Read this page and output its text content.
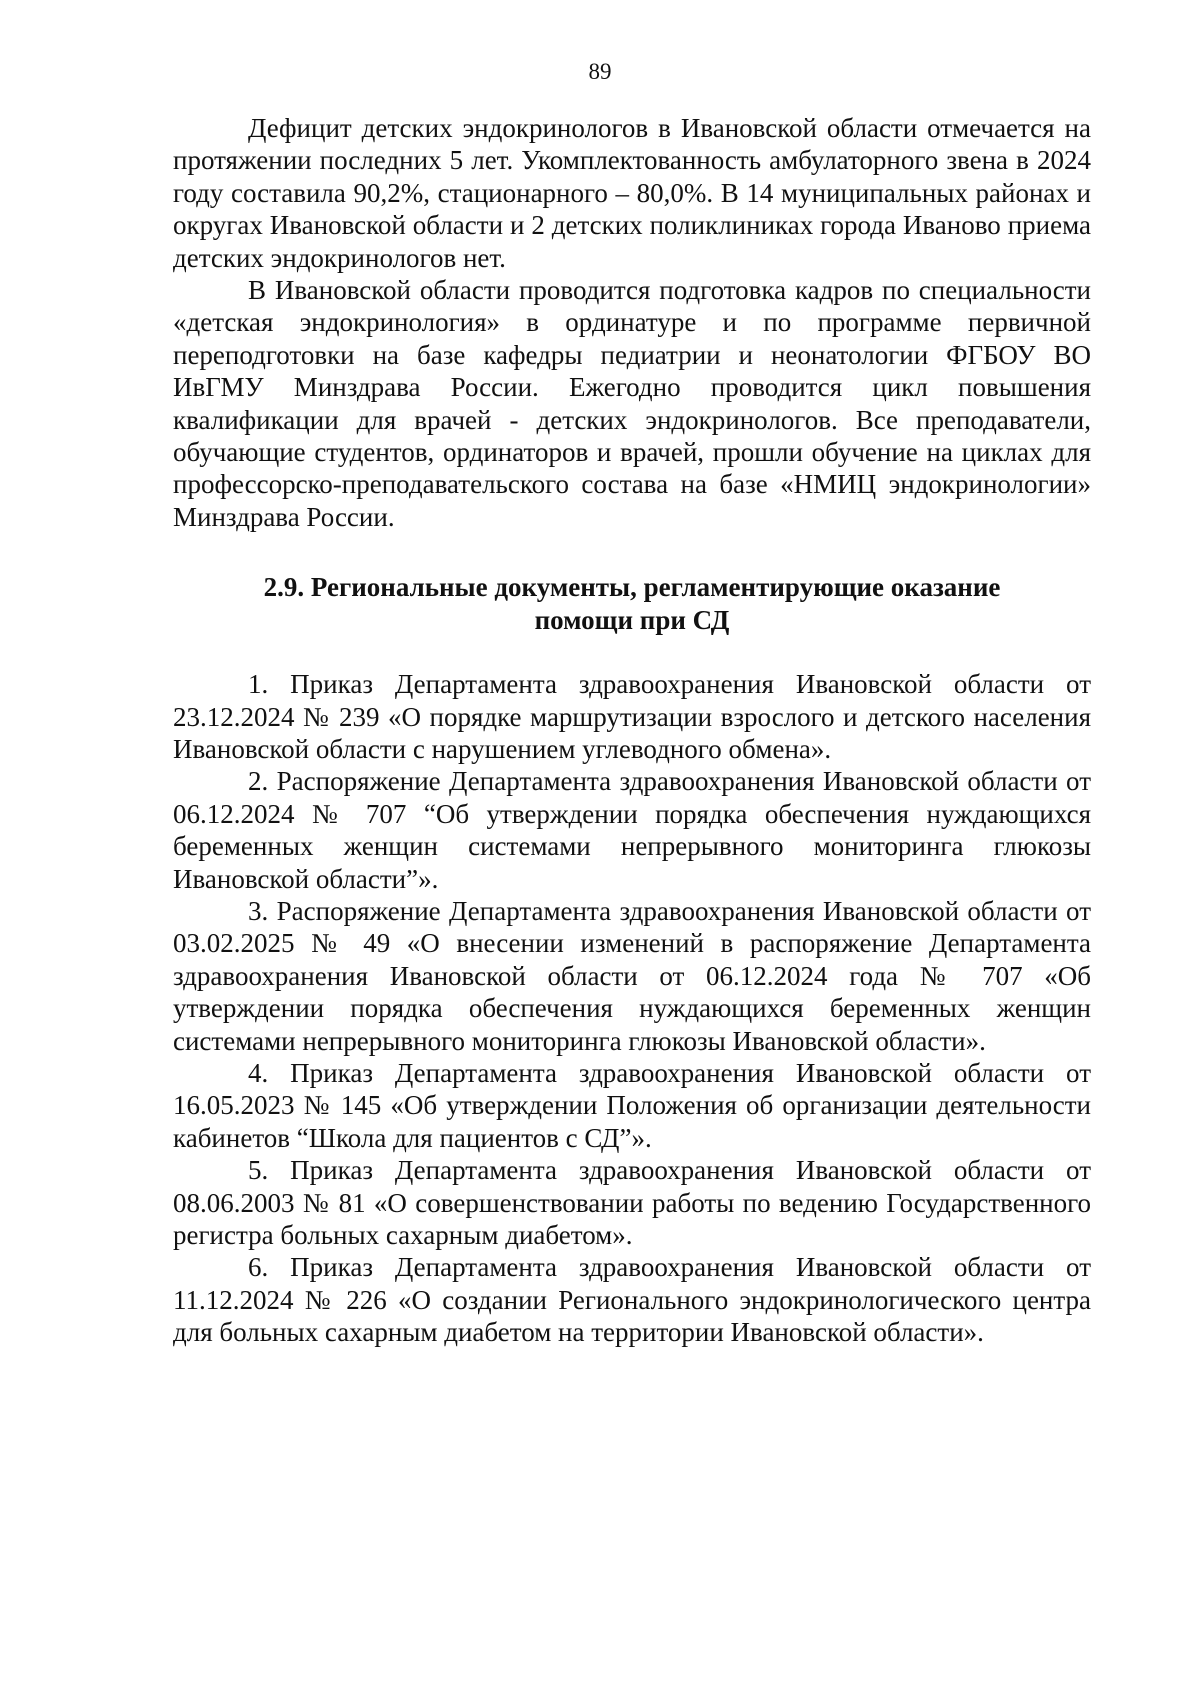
89

Дефицит детских эндокринологов в Ивановской области отмечается на протяжении последних 5 лет. Укомплектованность амбулаторного звена в 2024 году составила 90,2%, стационарного – 80,0%. В 14 муниципальных районах и округах Ивановской области и 2 детских поликлиниках города Иваново приема детских эндокринологов нет.

В Ивановской области проводится подготовка кадров по специальности «детская эндокринология» в ординатуре и по программе первичной переподготовки на базе кафедры педиатрии и неонатологии ФГБОУ ВО ИвГМУ Минздрава России. Ежегодно проводится цикл повышения квалификации для врачей - детских эндокринологов. Все преподаватели, обучающие студентов, ординаторов и врачей, прошли обучение на циклах для профессорско-преподавательского состава на базе «НМИЦ эндокринологии» Минздрава России.

2.9. Региональные документы, регламентирующие оказание
помощи при СД

1. Приказ Департамента здравоохранения Ивановской области от 23.12.2024 № 239 «О порядке маршрутизации взрослого и детского населения Ивановской области с нарушением углеводного обмена».

2. Распоряжение Департамента здравоохранения Ивановской области от 06.12.2024 № 707 “Об утверждении порядка обеспечения нуждающихся беременных женщин системами непрерывного мониторинга глюкозы Ивановской области”».

3. Распоряжение Департамента здравоохранения Ивановской области от 03.02.2025 № 49 «О внесении изменений в распоряжение Департамента здравоохранения Ивановской области от 06.12.2024 года № 707 «Об утверждении порядка обеспечения нуждающихся беременных женщин системами непрерывного мониторинга глюкозы Ивановской области».

4. Приказ Департамента здравоохранения Ивановской области от 16.05.2023 № 145 «Об утверждении Положения об организации деятельности кабинетов “Школа для пациентов с СД”».

5. Приказ Департамента здравоохранения Ивановской области от 08.06.2003 № 81 «О совершенствовании работы по ведению Государственного регистра больных сахарным диабетом».

6. Приказ Департамента здравоохранения Ивановской области от 11.12.2024 № 226 «О создании Регионального эндокринологического центра для больных сахарным диабетом на территории Ивановской области».
